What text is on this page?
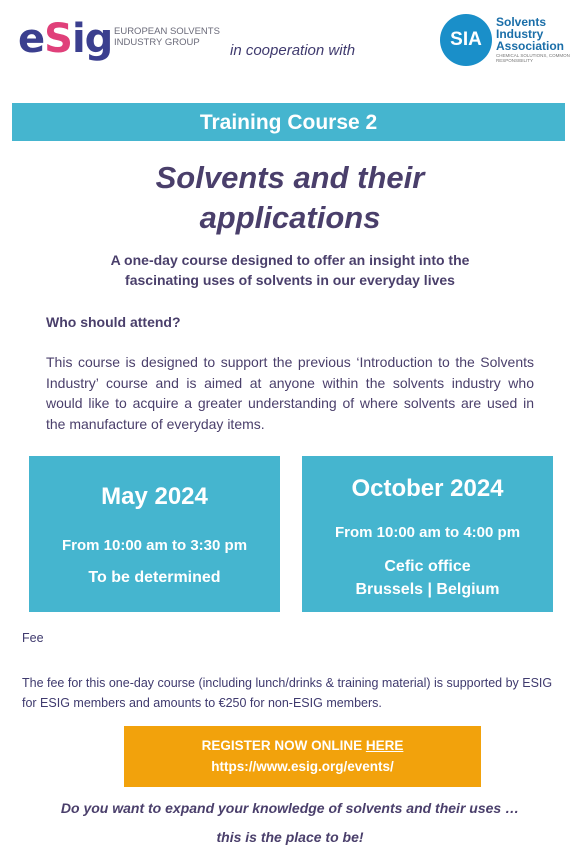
eSig EUROPEAN SOLVENTS INDUSTRY GROUP	in cooperation with
SIA
Solvents Industry Association
CHEMICAL SOLUTIONS, COMMON RESPONSIBILITY
Training Course 2
Solvents and their
applications
A one-day course designed to offer an insight into the
fascinating uses of solvents in our everyday lives
Who should attend?
This course is designed to support the previous ‘Introduction to the Solvents Industry’ course and is aimed at anyone within the solvents industry who would like to acquire a greater understanding of where solvents are used in the manufacture of everyday items.
May 2024
From 10:00 am to 3:30 pm
To be determined
October 2024
From 10:00 am to 4:00 pm
Cefic office
Brussels | Belgium
Fee
The fee for this one-day course (including lunch/drinks & training material) is supported by ESIG for ESIG members and amounts to €250 for non-ESIG members.
REGISTER NOW ONLINE HERE
https://www.esig.org/events/
Do you want to expand your knowledge of solvents and their uses …
this is the place to be!
